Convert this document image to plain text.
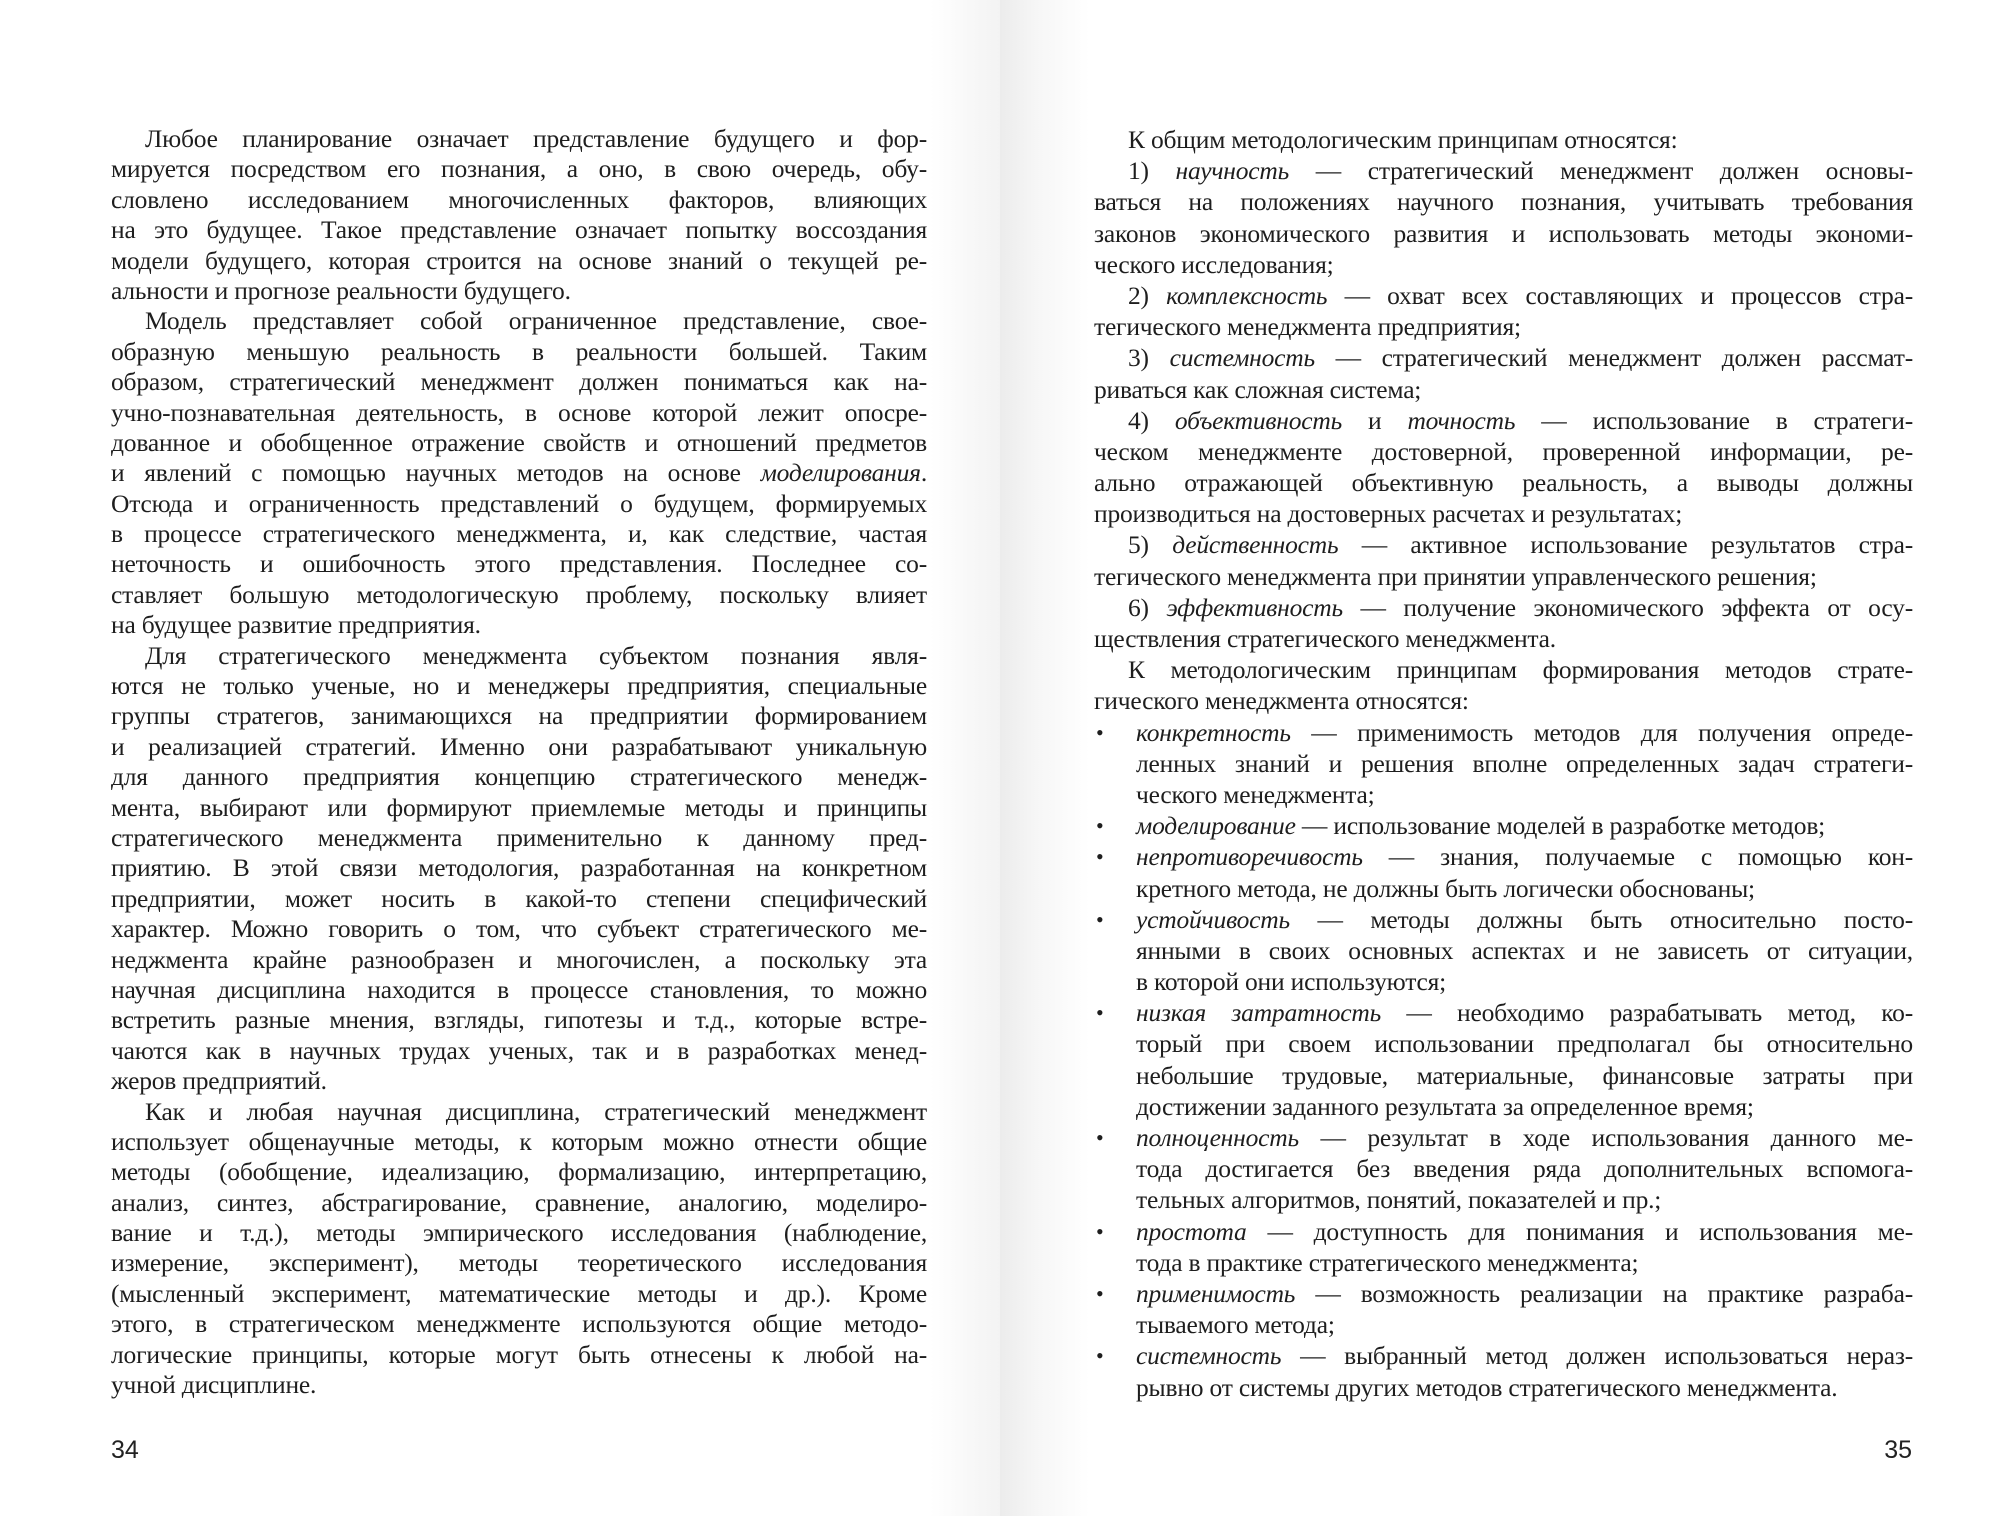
Любое планирование означает представление будущего и фор-
мируется посредством его познания, а оно, в свою очередь, обу-
словлено исследованием многочисленных факторов, влияющих
на это будущее. Такое представление означает попытку воссоздания
модели будущего, которая строится на основе знаний о текущей ре-
альности и прогнозе реальности будущего.
Модель представляет собой ограниченное представление, свое-
образную меньшую реальность в реальности большей. Таким
образом, стратегический менеджмент должен пониматься как на-
учно-познавательная деятельность, в основе которой лежит опосре-
дованное и обобщенное отражение свойств и отношений предметов
и явлений с помощью научных методов на основе моделирования.
Отсюда и ограниченность представлений о будущем, формируемых
в процессе стратегического менеджмента, и, как следствие, частая
неточность и ошибочность этого представления. Последнее со-
ставляет большую методологическую проблему, поскольку влияет
на будущее развитие предприятия.
Для стратегического менеджмента субъектом познания явля-
ются не только ученые, но и менеджеры предприятия, специальные
группы стратегов, занимающихся на предприятии формированием
и реализацией стратегий. Именно они разрабатывают уникальную
для данного предприятия концепцию стратегического менедж-
мента, выбирают или формируют приемлемые методы и принципы
стратегического менеджмента применительно к данному пред-
приятию. В этой связи методология, разработанная на конкретном
предприятии, может носить в какой-то степени специфический
характер. Можно говорить о том, что субъект стратегического ме-
неджмента крайне разнообразен и многочислен, а поскольку эта
научная дисциплина находится в процессе становления, то можно
встретить разные мнения, взгляды, гипотезы и т.д., которые встре-
чаются как в научных трудах ученых, так и в разработках менед-
жеров предприятий.
Как и любая научная дисциплина, стратегический менеджмент
использует общенаучные методы, к которым можно отнести общие
методы (обобщение, идеализацию, формализацию, интерпретацию,
анализ, синтез, абстрагирование, сравнение, аналогию, моделиро-
вание и т.д.), методы эмпирического исследования (наблюдение,
измерение, эксперимент), методы теоретического исследования
(мысленный эксперимент, математические методы и др.). Кроме
этого, в стратегическом менеджменте используются общие методо-
логические принципы, которые могут быть отнесены к любой на-
учной дисциплине.
34
К общим методологическим принципам относятся:
1) научность — стратегический менеджмент должен основы-
ваться на положениях научного познания, учитывать требования
законов экономического развития и использовать методы экономи-
ческого исследования;
2) комплексность — охват всех составляющих и процессов стра-
тегического менеджмента предприятия;
3) системность — стратегический менеджмент должен рассмат-
риваться как сложная система;
4) объективность и точность — использование в стратеги-
ческом менеджменте достоверной, проверенной информации, ре-
ально отражающей объективную реальность, а выводы должны
производиться на достоверных расчетах и результатах;
5) действенность — активное использование результатов стра-
тегического менеджмента при принятии управленческого решения;
6) эффективность — получение экономического эффекта от осу-
ществления стратегического менеджмента.
К методологическим принципам формирования методов страте-
гического менеджмента относятся:
• конкретность — применимость методов для получения опреде-
ленных знаний и решения вполне определенных задач стратеги-
ческого менеджмента;
• моделирование — использование моделей в разработке методов;
• непротиворечивость — знания, получаемые с помощью кон-
кретного метода, не должны быть логически обоснованы;
• устойчивость — методы должны быть относительно посто-
янными в своих основных аспектах и не зависеть от ситуации,
в которой они используются;
• низкая затратность — необходимо разрабатывать метод, ко-
торый при своем использовании предполагал бы относительно
небольшие трудовые, материальные, финансовые затраты при
достижении заданного результата за определенное время;
• полноценность — результат в ходе использования данного ме-
тода достигается без введения ряда дополнительных вспомога-
тельных алгоритмов, понятий, показателей и пр.;
• простота — доступность для понимания и использования ме-
тода в практике стратегического менеджмента;
• применимость — возможность реализации на практике разраба-
тываемого метода;
• системность — выбранный метод должен использоваться нераз-
рывно от системы других методов стратегического менеджмента.
35
